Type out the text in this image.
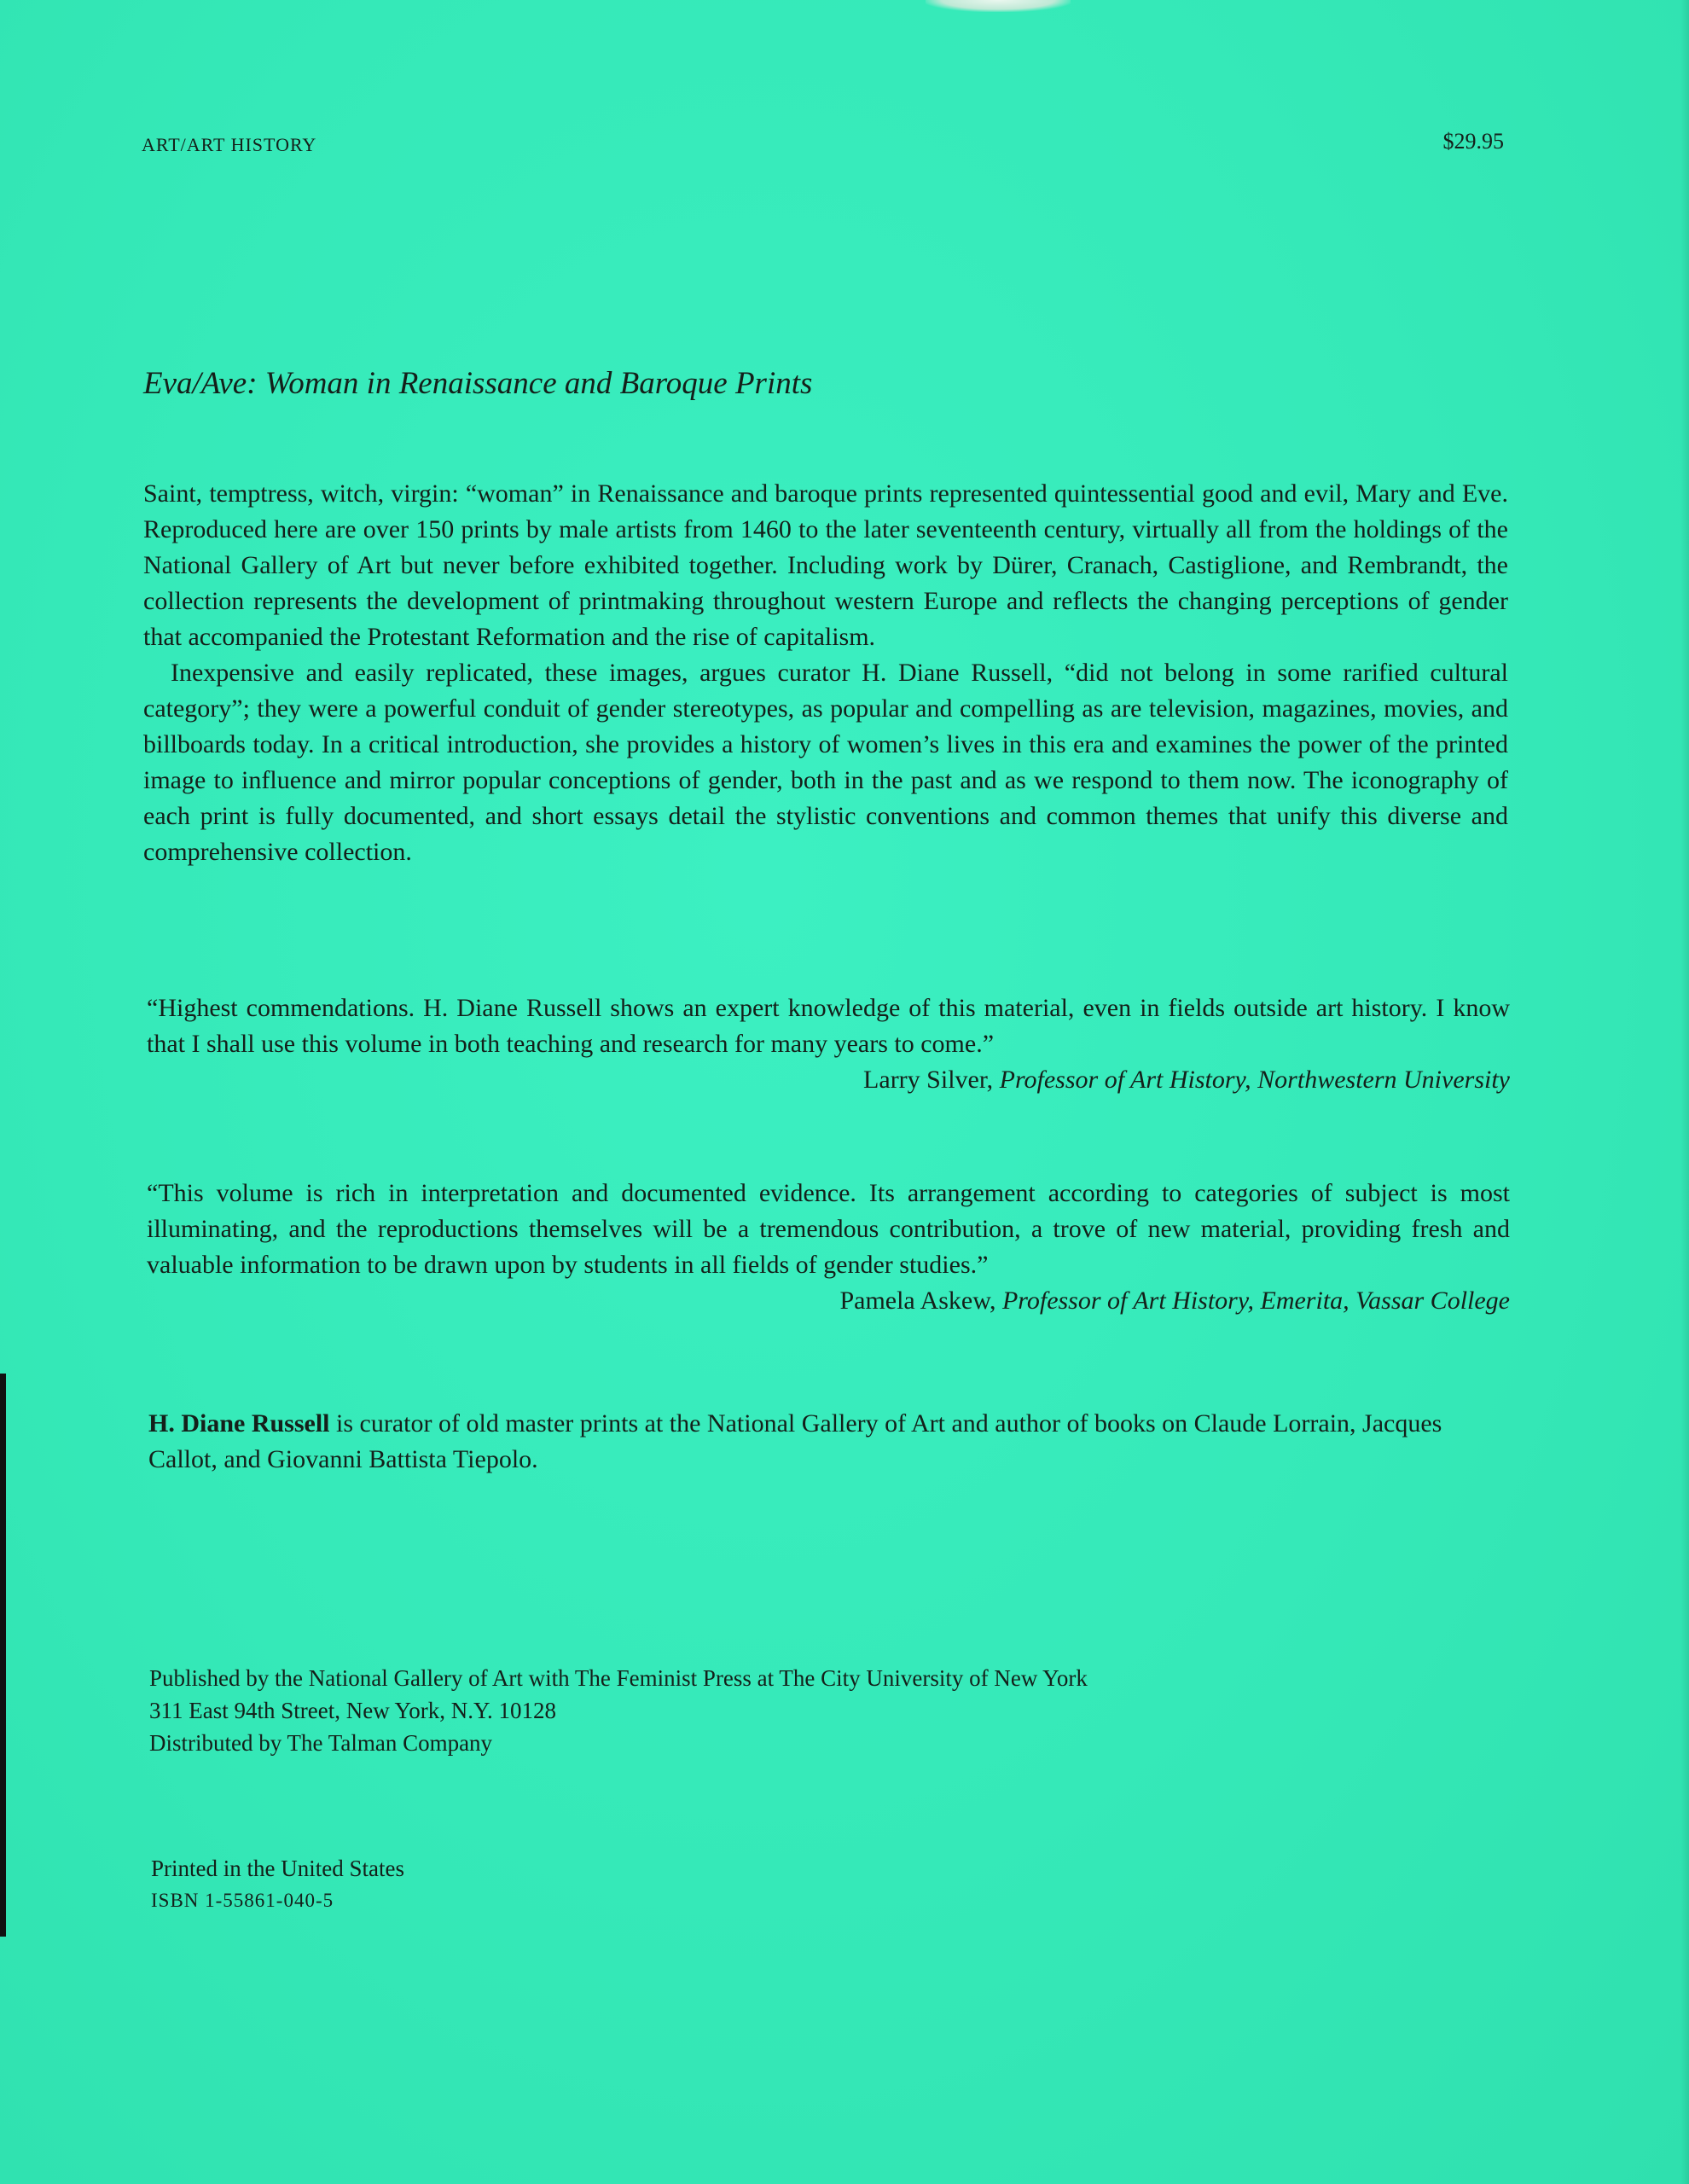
ART/ART HISTORY	$29.95
Eva/Ave: Woman in Renaissance and Baroque Prints

Saint, temptress, witch, virgin: “woman” in Renaissance and baroque prints represented quintessential good and evil, Mary and Eve. Reproduced here are over 150 prints by male artists from 1460 to the later seventeenth century, virtually all from the holdings of the National Gallery of Art but never before exhibited together. Including work by Dürer, Cranach, Castiglione, and Rembrandt, the collection represents the development of printmaking throughout western Europe and reflects the changing perceptions of gender that accompanied the Protestant Reformation and the rise of capitalism.

Inexpensive and easily replicated, these images, argues curator H. Diane Russell, “did not belong in some rarified cultural category”; they were a powerful conduit of gender stereotypes, as popular and compelling as are television, magazines, movies, and billboards today. In a critical introduction, she provides a history of women’s lives in this era and examines the power of the printed image to influence and mirror popular conceptions of gender, both in the past and as we respond to them now. The iconography of each print is fully documented, and short essays detail the stylistic conventions and common themes that unify this diverse and comprehensive collection.

“Highest commendations. H. Diane Russell shows an expert knowledge of this material, even in fields outside art history. I know that I shall use this volume in both teaching and research for many years to come.”
Larry Silver, Professor of Art History, Northwestern University
“This volume is rich in interpretation and documented evidence. Its arrangement according to categories of subject is most illuminating, and the reproductions themselves will be a tremendous contribution, a trove of new material, providing fresh and valuable information to be drawn upon by students in all fields of gender studies.”
Pamela Askew, Professor of Art History, Emerita, Vassar College
H. Diane Russell is curator of old master prints at the National Gallery of Art and author of books on Claude Lorrain, Jacques Callot, and Giovanni Battista Tiepolo.
Published by the National Gallery of Art with The Feminist Press at The City University of New York
311 East 94th Street, New York, N.Y. 10128
Distributed by The Talman Company
Printed in the United States
ISBN 1-55861-040-5
